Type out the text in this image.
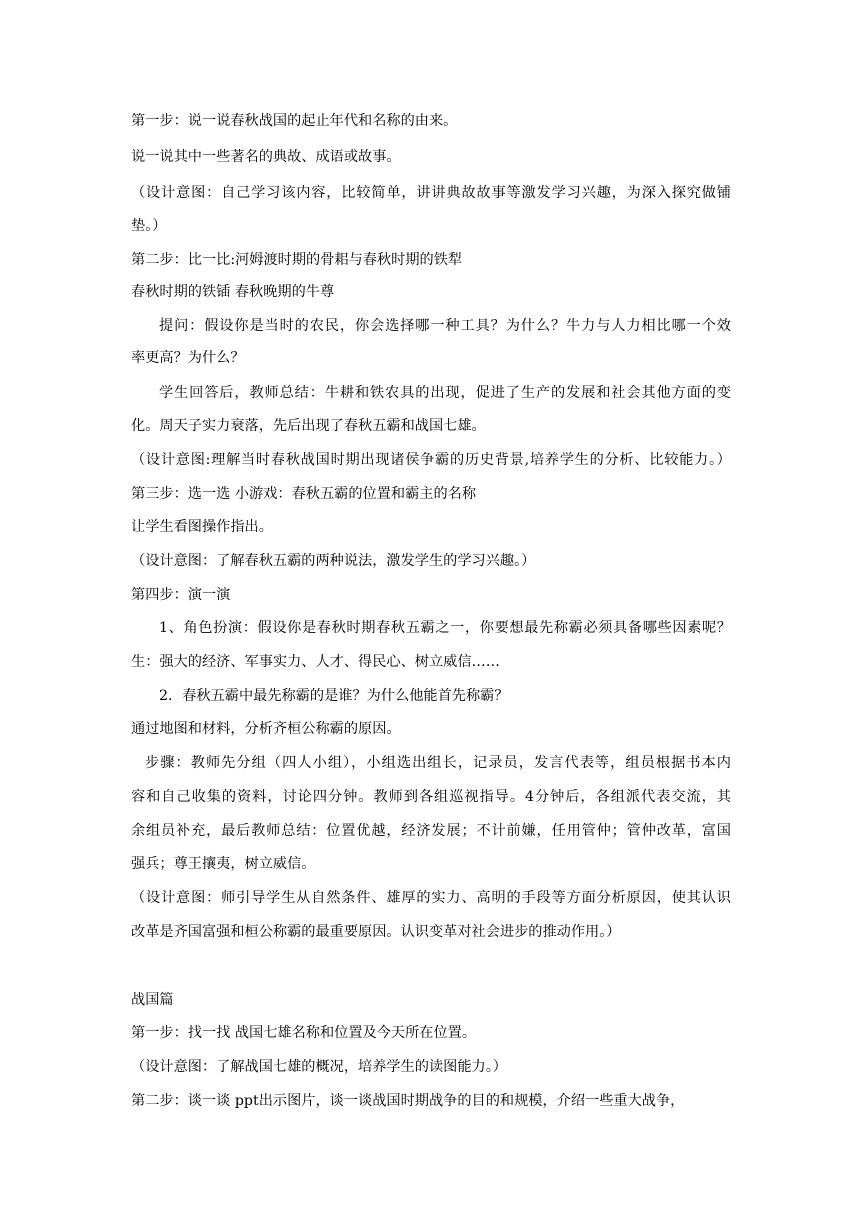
第一步：说一说春秋战国的起止年代和名称的由来。
说一说其中一些著名的典故、成语或故事。
（设计意图：自己学习该内容，比较简单，讲讲典故故事等激发学习兴趣，为深入探究做铺
垫。）
第二步：比一比:河姆渡时期的骨耜与春秋时期的铁犁
春秋时期的铁锸 春秋晚期的牛尊
提问：假设你是当时的农民，你会选择哪一种工具？为什么？牛力与人力相比哪一个效
率更高？为什么？
学生回答后，教师总结：牛耕和铁农具的出现，促进了生产的发展和社会其他方面的变
化。周天子实力衰落，先后出现了春秋五霸和战国七雄。
（设计意图:理解当时春秋战国时期出现诸侯争霸的历史背景,培养学生的分析、比较能力。）
第三步：选一选 小游戏：春秋五霸的位置和霸主的名称
让学生看图操作指出。
（设计意图：了解春秋五霸的两种说法，激发学生的学习兴趣。）
第四步：演一演
1、角色扮演：假设你是春秋时期春秋五霸之一，你要想最先称霸必须具备哪些因素呢？
生：强大的经济、军事实力、人才、得民心、树立威信……
2．春秋五霸中最先称霸的是谁？为什么他能首先称霸？
通过地图和材料，分析齐桓公称霸的原因。
步骤：教师先分组（四人小组），小组选出组长，记录员，发言代表等，组员根据书本内
容和自己收集的资料，讨论四分钟。教师到各组巡视指导。4分钟后，各组派代表交流，其
余组员补充，最后教师总结：位置优越，经济发展；不计前嫌，任用管仲；管仲改革，富国
强兵；尊王攘夷，树立威信。
（设计意图：师引导学生从自然条件、雄厚的实力、高明的手段等方面分析原因，使其认识
改革是齐国富强和桓公称霸的最重要原因。认识变革对社会进步的推动作用。）
战国篇
第一步：找一找 战国七雄名称和位置及今天所在位置。
（设计意图：了解战国七雄的概况，培养学生的读图能力。）
第二步：谈一谈 ppt出示图片，谈一谈战国时期战争的目的和规模，介绍一些重大战争，
